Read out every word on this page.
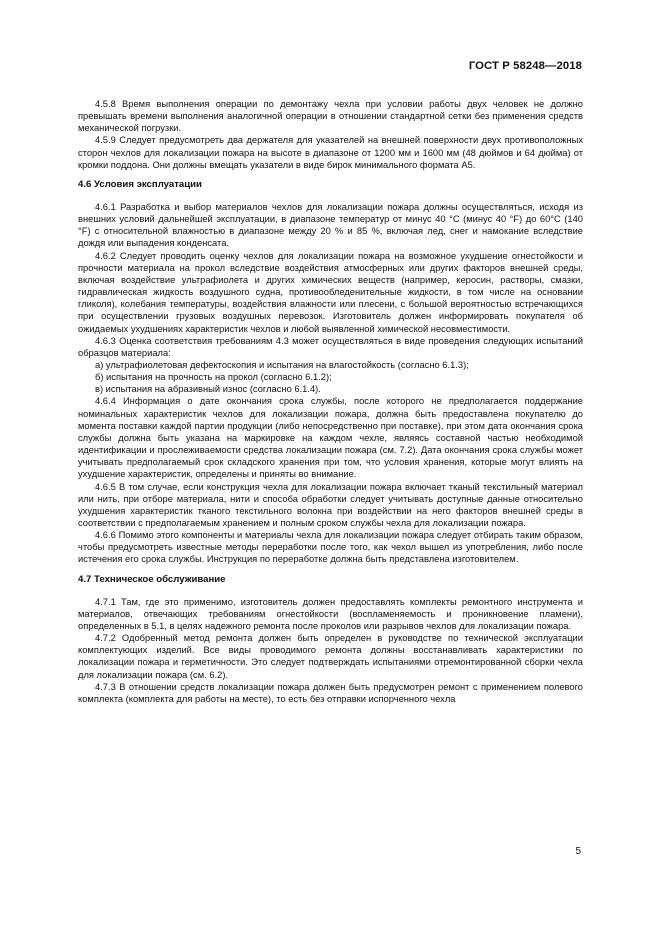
ГОСТ Р 58248—2018

4.5.8 Время выполнения операции по демонтажу чехла при условии работы двух человек не должно превышать времени выполнения аналогичной операции в отношении стандартной сетки без применения средств механической погрузки.

4.5.9 Следует предусмотреть два держателя для указателей на внешней поверхности двух противоположных сторон чехлов для локализации пожара на высоте в диапазоне от 1200 мм и 1600 мм (48 дюймов и 64 дюйма) от кромки поддона. Они должны вмещать указатели в виде бирок минимального формата А5.

4.6 Условия эксплуатации

4.6.1 Разработка и выбор материалов чехлов для локализации пожара должны осуществляться, исходя из внешних условий дальнейшей эксплуатации, в диапазоне температур от минус 40 °С (минус 40 °F) до 60°С (140 °F) с относительной влажностью в диапазоне между 20 % и 85 %, включая лед, снег и намокание вследствие дождя или выпадения конденсата.

4.6.2 Следует проводить оценку чехлов для локализации пожара на возможное ухудшение огнестойкости и прочности материала на прокол вследствие воздействия атмосферных или других факторов внешней среды, включая воздействие ультрафиолета и других химических веществ (например, керосин, растворы, смазки, гидравлическая жидкость воздушного судна, противообледенительные жидкости, в том числе на основании гликоля), колебания температуры, воздействия влажности или плесени, с большой вероятностью встречающихся при осуществлении грузовых воздушных перевозок. Изготовитель должен информировать покупателя об ожидаемых ухудшениях характеристик чехлов и любой выявленной химической несовместимости.

4.6.3 Оценка соответствия требованиям 4.3 может осуществляться в виде проведения следующих испытаний образцов материала:

а) ультрафиолетовая дефектоскопия и испытания на влагостойкость (согласно 6.1.3);

б) испытания на прочность на прокол (согласно 6.1.2);

в) испытания на абразивный износ (согласно 6.1.4).

4.6.4 Информация о дате окончания срока службы, после которого не предполагается поддержание номинальных характеристик чехлов для локализации пожара, должна быть предоставлена покупателю до момента поставки каждой партии продукции (либо непосредственно при поставке), при этом дата окончания срока службы должна быть указана на маркировке на каждом чехле, являясь составной частью необходимой идентификации и прослеживаемости средства локализации пожара (см. 7.2). Дата окончания срока службы может учитывать предполагаемый срок складского хранения при том, что условия хранения, которые могут влиять на ухудшение характеристик, определены и приняты во внимание.

4.6.5 В том случае, если конструкция чехла для локализации пожара включает тканый текстильный материал или нить, при отборе материала, нити и способа обработки следует учитывать доступные данные относительно ухудшения характеристик тканого текстильного волокна при воздействии на него факторов внешней среды в соответствии с предполагаемым хранением и полным сроком службы чехла для локализации пожара.

4.6.6 Помимо этого компоненты и материалы чехла для локализации пожара следует отбирать таким образом, чтобы предусмотреть известные методы переработки после того, как чехол вышел из употребления, либо после истечения его срока службы. Инструкция по переработке должна быть представлена изготовителем.

4.7 Техническое обслуживание

4.7.1 Там, где это применимо, изготовитель должен предоставлять комплекты ремонтного инструмента и материалов, отвечающих требованиям огнестойкости (воспламеняемость и проникновение пламени), определенных в 5.1, в целях надежного ремонта после проколов или разрывов чехлов для локализации пожара.

4.7.2 Одобренный метод ремонта должен быть определен в руководстве по технической эксплуатации комплектующих изделий. Все виды проводимого ремонта должны восстанавливать характеристики по локализации пожара и герметичности. Это следует подтверждать испытаниями отремонтированной сборки чехла для локализации пожара (см. 6.2).

4.7.3 В отношении средств локализации пожара должен быть предусмотрен ремонт с применением полевого комплекта (комплекта для работы на месте), то есть без отправки испорченного чехла

5
